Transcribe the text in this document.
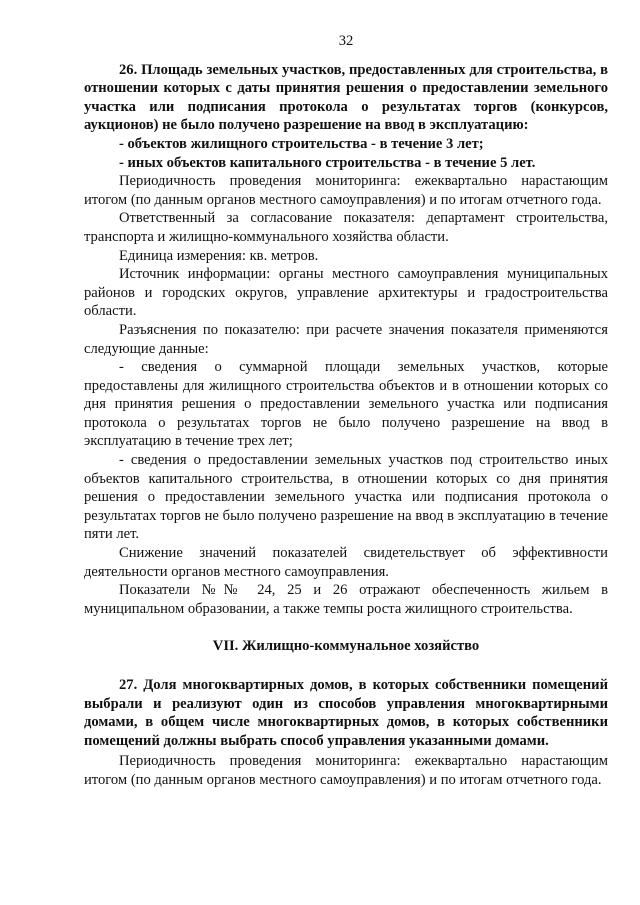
32

26. Площадь земельных участков, предоставленных для строительства, в отношении которых с даты принятия решения о предоставлении земельного участка или подписания протокола о результатах торгов (конкурсов, аукционов) не было получено разрешение на ввод в эксплуатацию:

- объектов жилищного строительства - в течение 3 лет;

- иных объектов капитального строительства - в течение 5 лет.

Периодичность проведения мониторинга: ежеквартально нарастающим итогом (по данным органов местного самоуправления) и по итогам отчетного года.

Ответственный за согласование показателя: департамент строительства, транспорта и жилищно-коммунального хозяйства области.

Единица измерения: кв. метров.

Источник информации: органы местного самоуправления муниципальных районов и городских округов, управление архитектуры и градостроительства области.

Разъяснения по показателю: при расчете значения показателя применяются следующие данные:

- сведения о суммарной площади земельных участков, которые предоставлены для жилищного строительства объектов и в отношении которых со дня принятия решения о предоставлении земельного участка или подписания протокола о результатах торгов не было получено разрешение на ввод в эксплуатацию в течение трех лет;

- сведения о предоставлении земельных участков под строительство иных объектов капитального строительства, в отношении которых со дня принятия решения о предоставлении земельного участка или подписания протокола о результатах торгов не было получено разрешение на ввод в эксплуатацию в течение пяти лет.

Снижение значений показателей свидетельствует об эффективности деятельности органов местного самоуправления.

Показатели №№ 24, 25 и 26 отражают обеспеченность жильем в муниципальном образовании, а также темпы роста жилищного строительства.

VII. Жилищно-коммунальное хозяйство

27. Доля многоквартирных домов, в которых собственники помещений выбрали и реализуют один из способов управления многоквартирными домами, в общем числе многоквартирных домов, в которых собственники помещений должны выбрать способ управления указанными домами.

Периодичность проведения мониторинга: ежеквартально нарастающим итогом (по данным органов местного самоуправления) и по итогам отчетного года.
